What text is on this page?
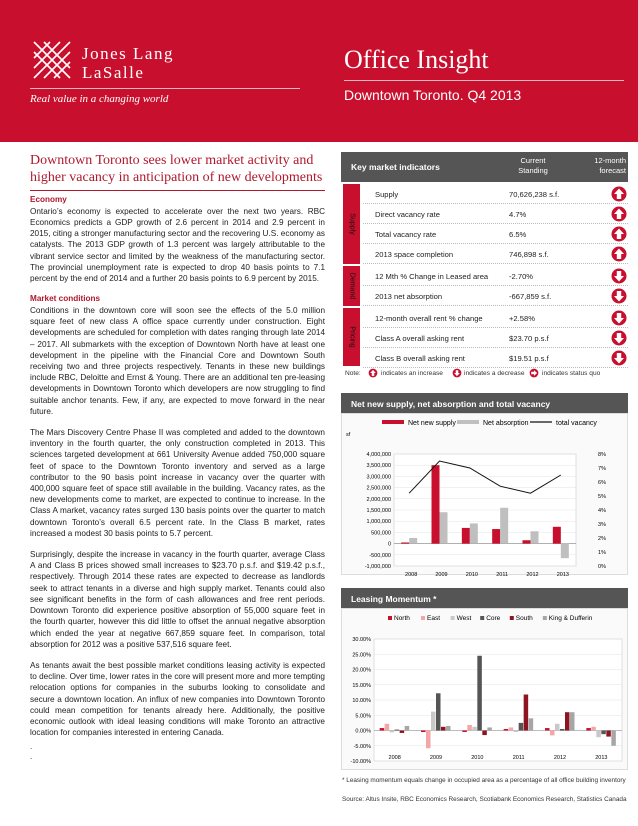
Jones Lang
LaSalle
Real value in a changing world
Office Insight
Downtown Toronto. Q4 2013
Downtown Toronto sees lower market activity and higher vacancy in anticipation of new developments
Economy
Ontario’s economy is expected to accelerate over the next two years. RBC Economics predicts a GDP growth of 2.6 percent in 2014 and 2.9 percent in 2015, citing a stronger manufacturing sector and the recovering U.S. economy as catalysts. The 2013 GDP growth of 1.3 percent was largely attributable to the vibrant service sector and limited by the weakness of the manufacturing sector. The provincial unemployment rate is expected to drop 40 basis points to 7.1 percent by the end of 2014 and a further 20 basis points to 6.9 percent by 2015.
Market conditions
Conditions in the downtown core will soon see the effects of the 5.0 million square feet of new class A office space currently under construction. Eight developments are scheduled for completion with dates ranging through late 2014 – 2017. All submarkets with the exception of Downtown North have at least one development in the pipeline with the Financial Core and Downtown South receiving two and three projects respectively. Tenants in these new buildings include RBC, Deloitte and Ernst & Young. There are an additional ten pre-leasing developments in Downtown Toronto which developers are now struggling to find suitable anchor tenants. Few, if any, are expected to move forward in the near future.
The Mars Discovery Centre Phase II was completed and added to the downtown inventory in the fourth quarter, the only construction completed in 2013. This sciences targeted development at 661 University Avenue added 750,000 square feet of space to the Downtown Toronto inventory and served as a large contributor to the 90 basis point increase in vacancy over the quarter with 400,000 square feet of space still available in the building. Vacancy rates, as the new developments come to market, are expected to continue to increase. In the Class A market, vacancy rates surged 130 basis points over the quarter to match downtown Toronto’s overall 6.5 percent rate. In the Class B market, rates increased a modest 30 basis points to 5.7 percent.
Surprisingly, despite the increase in vacancy in the fourth quarter, average Class A and Class B prices showed small increases to $23.70 p.s.f. and $19.42 p.s.f., respectively. Through 2014 these rates are expected to decrease as landlords seek to attract tenants in a diverse and high supply market. Tenants could also see significant benefits in the form of cash allowances and free rent periods. Downtown Toronto did experience positive absorption of 55,000 square feet in the fourth quarter, however this did little to offset the annual negative absorption which ended the year at negative 667,859 square feet. In comparison, total absorption for 2012 was a positive 537,516 square feet.
As tenants await the best possible market conditions leasing activity is expected to decline. Over time, lower rates in the core will present more and more tempting relocation options for companies in the suburbs looking to consolidate and secure a downtown location. An influx of new companies into Downtown Toronto could mean competition for tenants already here. Additionally, the positive economic outlook with ideal leasing conditions will make Toronto an attractive location for companies interested in entering Canada.
.
.
Key market indicators
Current
Standing
12-month
forecast
Supply
Demand
Pricing
Supply	70,626,238 s.f.
Direct vacancy rate	4.7%
Total vacancy rate	6.5%
2013 space completion	746,898 s.f.
12 Mth % Change in Leased area	-2.70%
2013 net absorption	-667,859 s.f.
12-month overall rent % change	+2.58%
Class A overall asking rent	$23.70 p.s.f
Class B overall asking rent	$19.51 p.s.f
Note:	indicates an increase	indicates a decrease	indicates status quo
Net new supply, net absorption and total vacancy
Net new supply	Net absorption	total vacancy
sf
4,000,000
3,500,000
3,000,000
2,500,000
2,000,000
1,500,000
1,000,000
500,000
0
-500,000
-1,000,000
8%
7%
6%
5%
4%
3%
2%
1%
0%
2008	2009	2010	2011	2012	2013
Leasing Momentum *
North	East	West Core South King & Dufferin
30.00%
25.00%
20.00%
15.00%
10.00%
5.00%
0.00%
-5.00%
-10.00%
2008	2009	2010	2011	2012	2013
* Leasing momentum equals change in occupied area as a percentage of all office building inventory
Source: Altus Insite, RBC Economics Research, Scotiabank Economics Research, Statistics Canada
